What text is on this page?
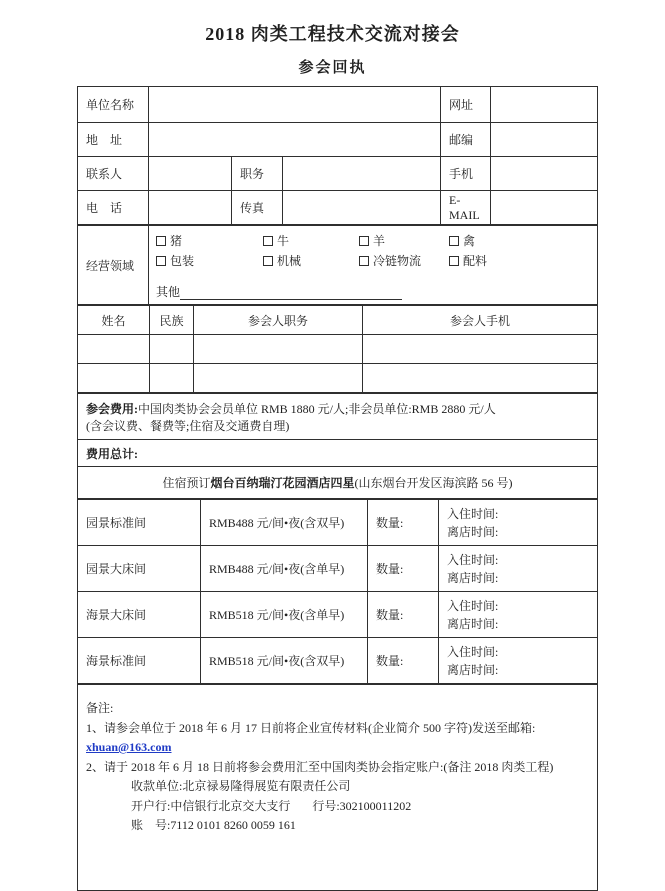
2018 肉类工程技术交流对接会
参会回执
单位名称				网址	
地　址				邮编	
联系人		职务		手机	
电　话		传真		E-MAIL	
经营领域	
猪	牛	羊	禽
包装	机械	冷链物流	配料
其他
姓名	民族	参会人职务	参会人手机

参会费用:中国肉类协会会员单位 RMB 1880 元/人;非会员单位:RMB 2880 元/人
(含会议费、餐费等;住宿及交通费自理)

费用总计:
住宿预订烟台百纳瑞汀花园酒店四星(山东烟台开发区海滨路 56 号)
园景标准间	RMB488 元/间•夜(含双早)	数量:	入住时间:
离店时间:

园景大床间	RMB488 元/间•夜(含单早)	数量:	入住时间:
离店时间:

海景大床间	RMB518 元/间•夜(含单早)	数量:	入住时间:
离店时间:

海景标准间	RMB518 元/间•夜(含双早)	数量:	入住时间:
离店时间:
备注:
1、请参会单位于 2018 年 6 月 17 日前将企业宣传材料(企业简介 500 字符)发送至邮箱:
xhuan@163.com
2、请于 2018 年 6 月 18 日前将参会费用汇至中国肉类协会指定账户:(备注 2018 肉类工程)
收款单位:北京禄易隆得展览有限责任公司
开户行:中信银行北京交大支行 行号:302100011202
账　号:7112 0101 8260 0059 161
